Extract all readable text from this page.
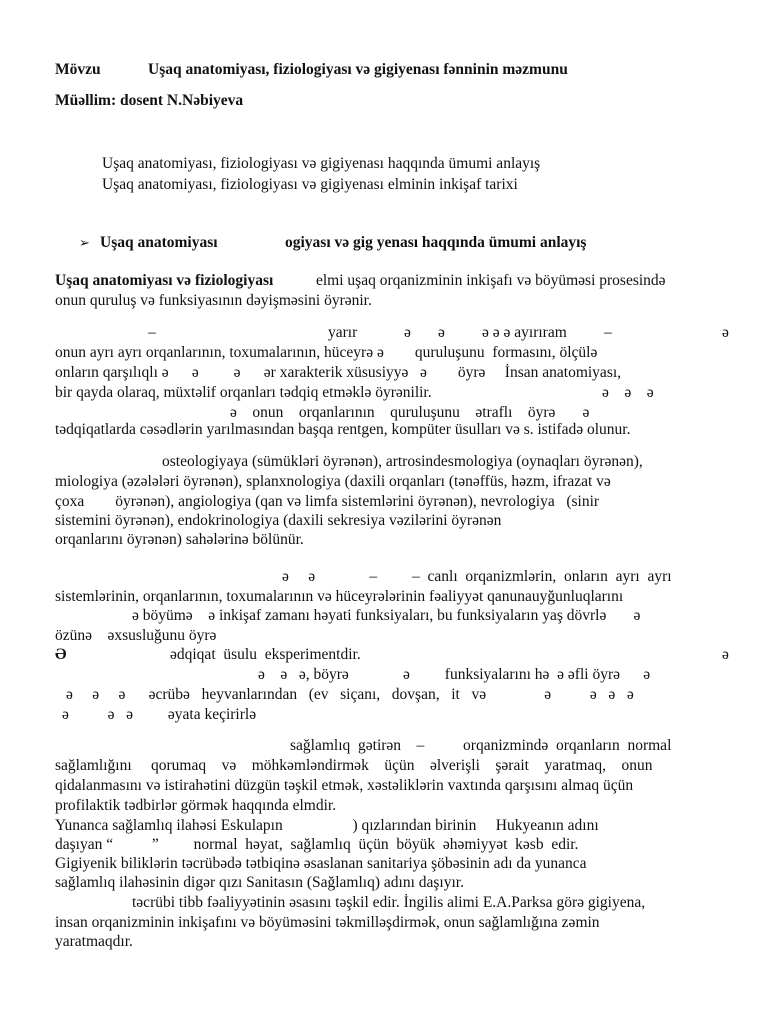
Mövzu	Uşaq anatomiyası, fiziologiyası və gigiyenası fənninin məzmunu
Müəllim: dosent N.Nəbiyeva
Uşaq anatomiyası, fiziologiyası və gigiyenası haqqında ümumi anlayış
Uşaq anatomiyası, fiziologiyası və gigiyenası elminin inkişaf tarixi
➢ Uşaq anatomiyası	ogiyası və gig yenası haqqında ümumi anlayış
Uşaq anatomiyası və fiziologiyası	elmi uşaq orqanizminin inkişafı və böyüməsi prosesində
onun quruluş və funksiyasının dəyişməsini öyrənir.
–	yarır	ə ə ə ə ə ayırıram –	ə
onun ayrı ayrı orqanlarının, toxumalarının, hüceyrə ə        quruluşunu  formasını, ölçülə
onların qarşılıqlı ə      ə         ə      ər xarakterik xüsusiyyə   ə        öyrə     İnsan anatomiyası,
bir qayda olaraq, müxtəlif orqanları tədqiq etməklə öyrənilir.	ə    ə    ə
ə    onun    orqanlarının    quruluşunu    ətraflı    öyrə       ə
tədqiqatlarda cəsədlərin yarılmasından başqa rentgen, kompüter üsulları və s. istifadə olunur.
osteologiyaya (sümükləri öyrənən), artrosindesmologiya (oynaqları öyrənən),
miologiya (əzələləri öyrənən), splanxnologiya (daxili orqanları (tənəffüs, həzm, ifrazat və
çoxa        öyrənən), angiologiya (qan və limfa sistemlərini öyrənən), nevrologiya   (sinir
sistemini öyrənən), endokrinologiya (daxili sekresiya vəzilərini öyrənən
orqanlarını öyrənən) sahələrinə bölünür.
ə     ə              –         –  canlı  orqanizmlərin,  onların  ayrı  ayrı
sistemlərinin, orqanlarının, toxumalarının və hüceyrələrinin fəaliyyət qanunauyğunluqlarını
ə böyümə    ə inkişaf zamanı həyati funksiyaları, bu funksiyaların yaş dövrlə       ə
özünə    əxsusluğunu öyrə
Ə	ədqiqat  üsulu  eksperimentdir.	ə
ə    ə   ə, böyrə              ə         funksiyalarını hə  ə əfli öyrə      ə
ə     ə     ə      əcrübə   heyvanlarından   (ev   siçanı,   dovşan,   it   və               ə          ə   ə   ə
ə          ə   ə         əyata keçirirlə
sağlamlıq  gətirən    –          orqanizmində  orqanların  normal
sağlamlığını     qorumaq    və    möhkəmləndirmək    üçün    əlverişli    şərait    yaratmaq,    onun
qidalanmasını və istirahətini düzgün təşkil etmək, xəstəliklərin vaxtında qarşısını almaq üçün
profilaktik tədbirlər görmək haqqında elmdir.
Yunanca sağlamlıq ilahəsi Eskulapın                  ) qızlarından birinin     Hukyeanın adını
daşıyan “          ”         normal  həyat,  sağlamlıq  üçün  böyük  əhəmiyyət  kəsb  edir.
Gigiyenik biliklərin təcrübədə tətbiqinə əsaslanan sanitariya şöbəsinin adı da yunanca
sağlamlıq ilahəsinin digər qızı Sanitasın (Sağlamlıq) adını daşıyır.
təcrübi tibb fəaliyyətinin əsasını təşkil edir. İngilis alimi E.A.Parksa görə gigiyena,
insan orqanizminin inkişafını və böyüməsini təkmilləşdirmək, onun sağlamlığına zəmin
yaratmaqdır.
